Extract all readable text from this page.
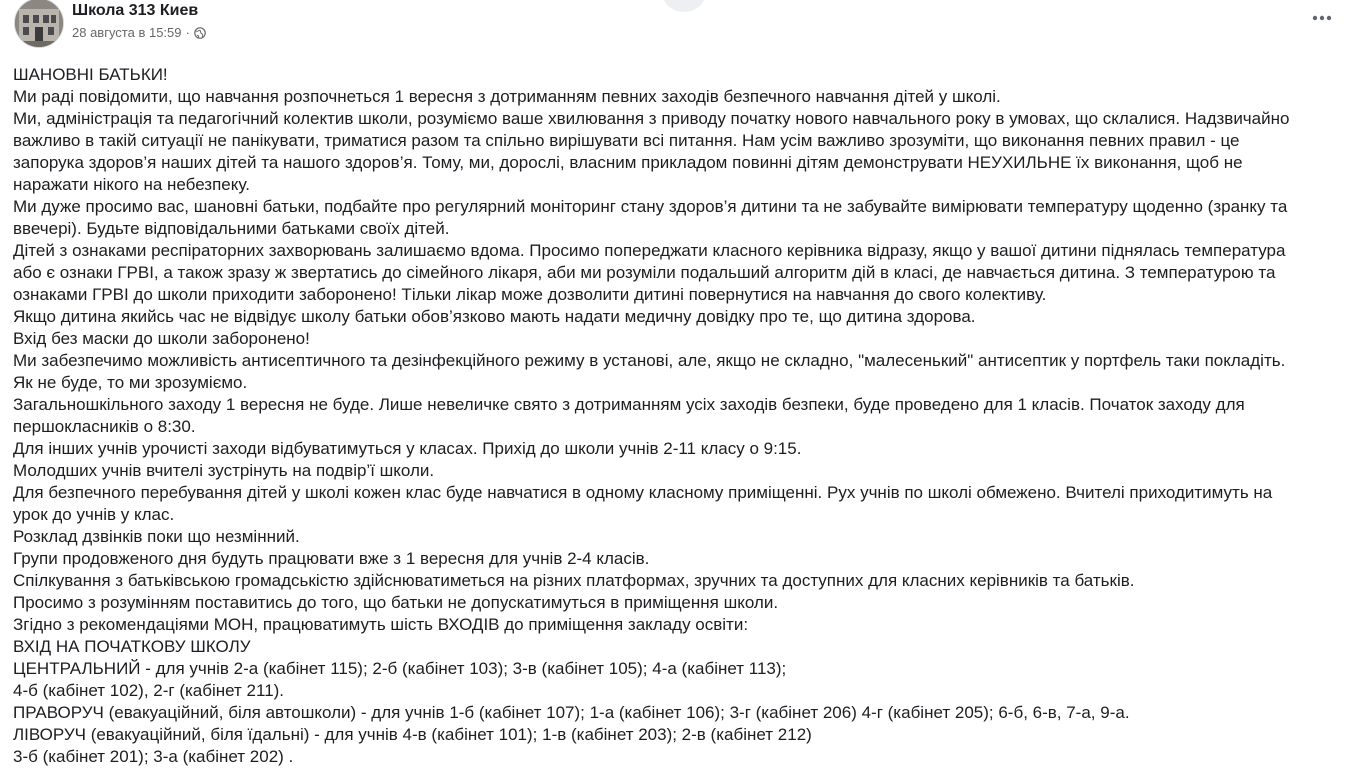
Школа 313 Киев
28 августа в 15:59 ·

ШАНОВНІ БАТЬКИ!

Ми раді повідомити, що навчання розпочнеться 1 вересня з дотриманням певних заходів безпечного навчання дітей у школі.

Ми, адміністрація та педагогічний колектив школи, розуміємо ваше хвилювання з приводу початку нового навчального року в умовах, що склалися. Надзвичайно

важливо в такій ситуації не панікувати, триматися разом та спільно вирішувати всі питання. Нам усім важливо зрозуміти, що виконання певних правил - це

запорука здоров’я наших дітей та нашого здоров’я. Тому, ми, дорослі, власним прикладом повинні дітям демонструвати НЕУХИЛЬНЕ їх виконання, щоб не

наражати нікого на небезпеку.

Ми дуже просимо вас, шановні батьки, подбайте про регулярний моніторинг стану здоров’я дитини та не забувайте вимірювати температуру щоденно (зранку та

ввечері). Будьте відповідальними батьками своїх дітей.

Дітей з ознаками респіраторних захворювань залишаємо вдома. Просимо попереджати класного керівника відразу, якщо у вашої дитини піднялась температура

або є ознаки ГРВІ, а також зразу ж звертатись до сімейного лікаря, аби ми розуміли подальший алгоритм дій в класі, де навчається дитина. З температурою та

ознаками ГРВІ до школи приходити заборонено! Тільки лікар може дозволити дитині повернутися на навчання до свого колективу.

Якщо дитина якийсь час не відвідує школу батьки обов’язково мають надати медичну довідку про те, що дитина здорова.

Вхід без маски до школи заборонено!

Ми забезпечимо можливість антисептичного та дезінфекційного режиму в установі, але, якщо не складно, "малесенький" антисептик у портфель таки покладіть.

Як не буде, то ми зрозуміємо.

Загальношкільного заходу 1 вересня не буде. Лише невеличке свято з дотриманням усіх заходів безпеки, буде проведено для 1 класів. Початок заходу для

першокласників о 8:30.

Для інших учнів урочисті заходи відбуватимуться у класах. Прихід до школи учнів 2-11 класу о 9:15.

Молодших учнів вчителі зустрінуть на подвір’ї школи.

Для безпечного перебування дітей у школі кожен клас буде навчатися в одному класному приміщенні. Рух учнів по школі обмежено. Вчителі приходитимуть на

урок до учнів у клас.

Розклад дзвінків поки що незмінний.

Групи продовженого дня будуть працювати вже з 1 вересня для учнів 2-4 класів.

Спілкування з батьківською громадськістю здійснюватиметься на різних платформах, зручних та доступних для класних керівників та батьків.

Просимо з розумінням поставитись до того, що батьки не допускатимуться в приміщення школи.

Згідно з рекомендаціями МОН, працюватимуть шість ВХОДІВ до приміщення закладу освіти:

ВХІД НА ПОЧАТКОВУ ШКОЛУ

ЦЕНТРАЛЬНИЙ - для учнів 2-а (кабінет 115); 2-б (кабінет 103); 3-в (кабінет 105); 4-а (кабінет 113);

4-б (кабінет 102), 2-г (кабінет 211).

ПРАВОРУЧ (евакуаційний, біля автошколи) - для учнів 1-б (кабінет 107); 1-а (кабінет 106); 3-г (кабінет 206) 4-г (кабінет 205); 6-б, 6-в, 7-а, 9-а.

ЛІВОРУЧ (евакуаційний, біля їдальні) - для учнів 4-в (кабінет 101); 1-в (кабінет 203); 2-в (кабінет 212)

3-б (кабінет 201); 3-а (кабінет 202) .
